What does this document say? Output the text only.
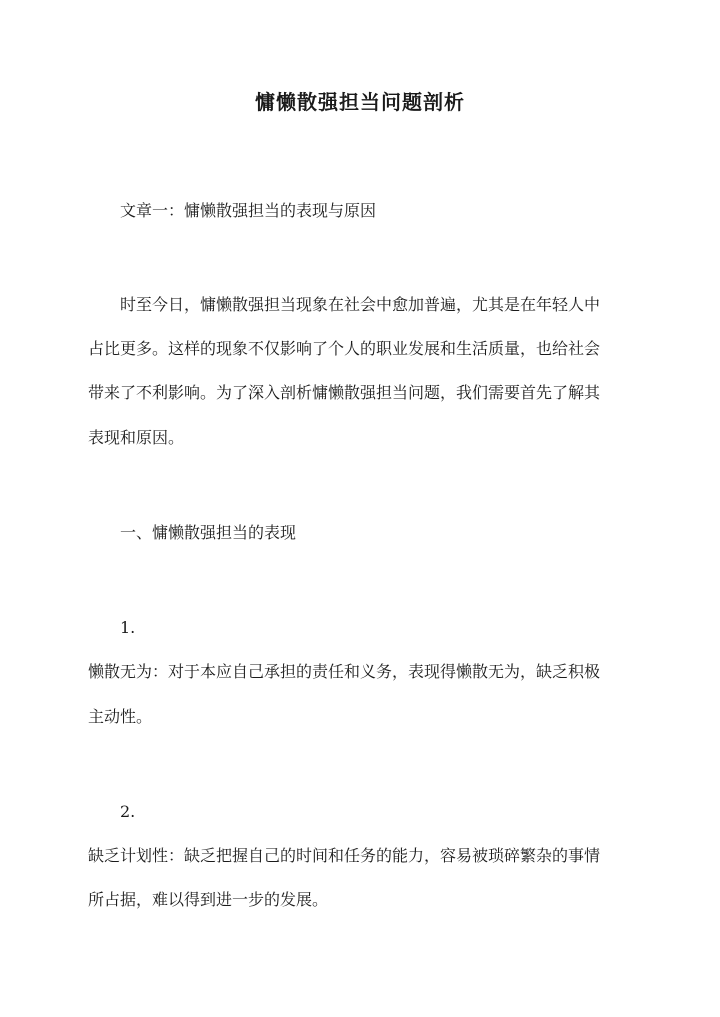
慵懒散强担当问题剖析
文章一：慵懒散强担当的表现与原因
时至今日，慵懒散强担当现象在社会中愈加普遍，尤其是在年轻人中
占比更多。这样的现象不仅影响了个人的职业发展和生活质量，也给社会
带来了不利影响。为了深入剖析慵懒散强担当问题，我们需要首先了解其
表现和原因。
一、慵懒散强担当的表现
1.
懒散无为：对于本应自己承担的责任和义务，表现得懒散无为，缺乏积极
主动性。
2.
缺乏计划性：缺乏把握自己的时间和任务的能力，容易被琐碎繁杂的事情
所占据，难以得到进一步的发展。
